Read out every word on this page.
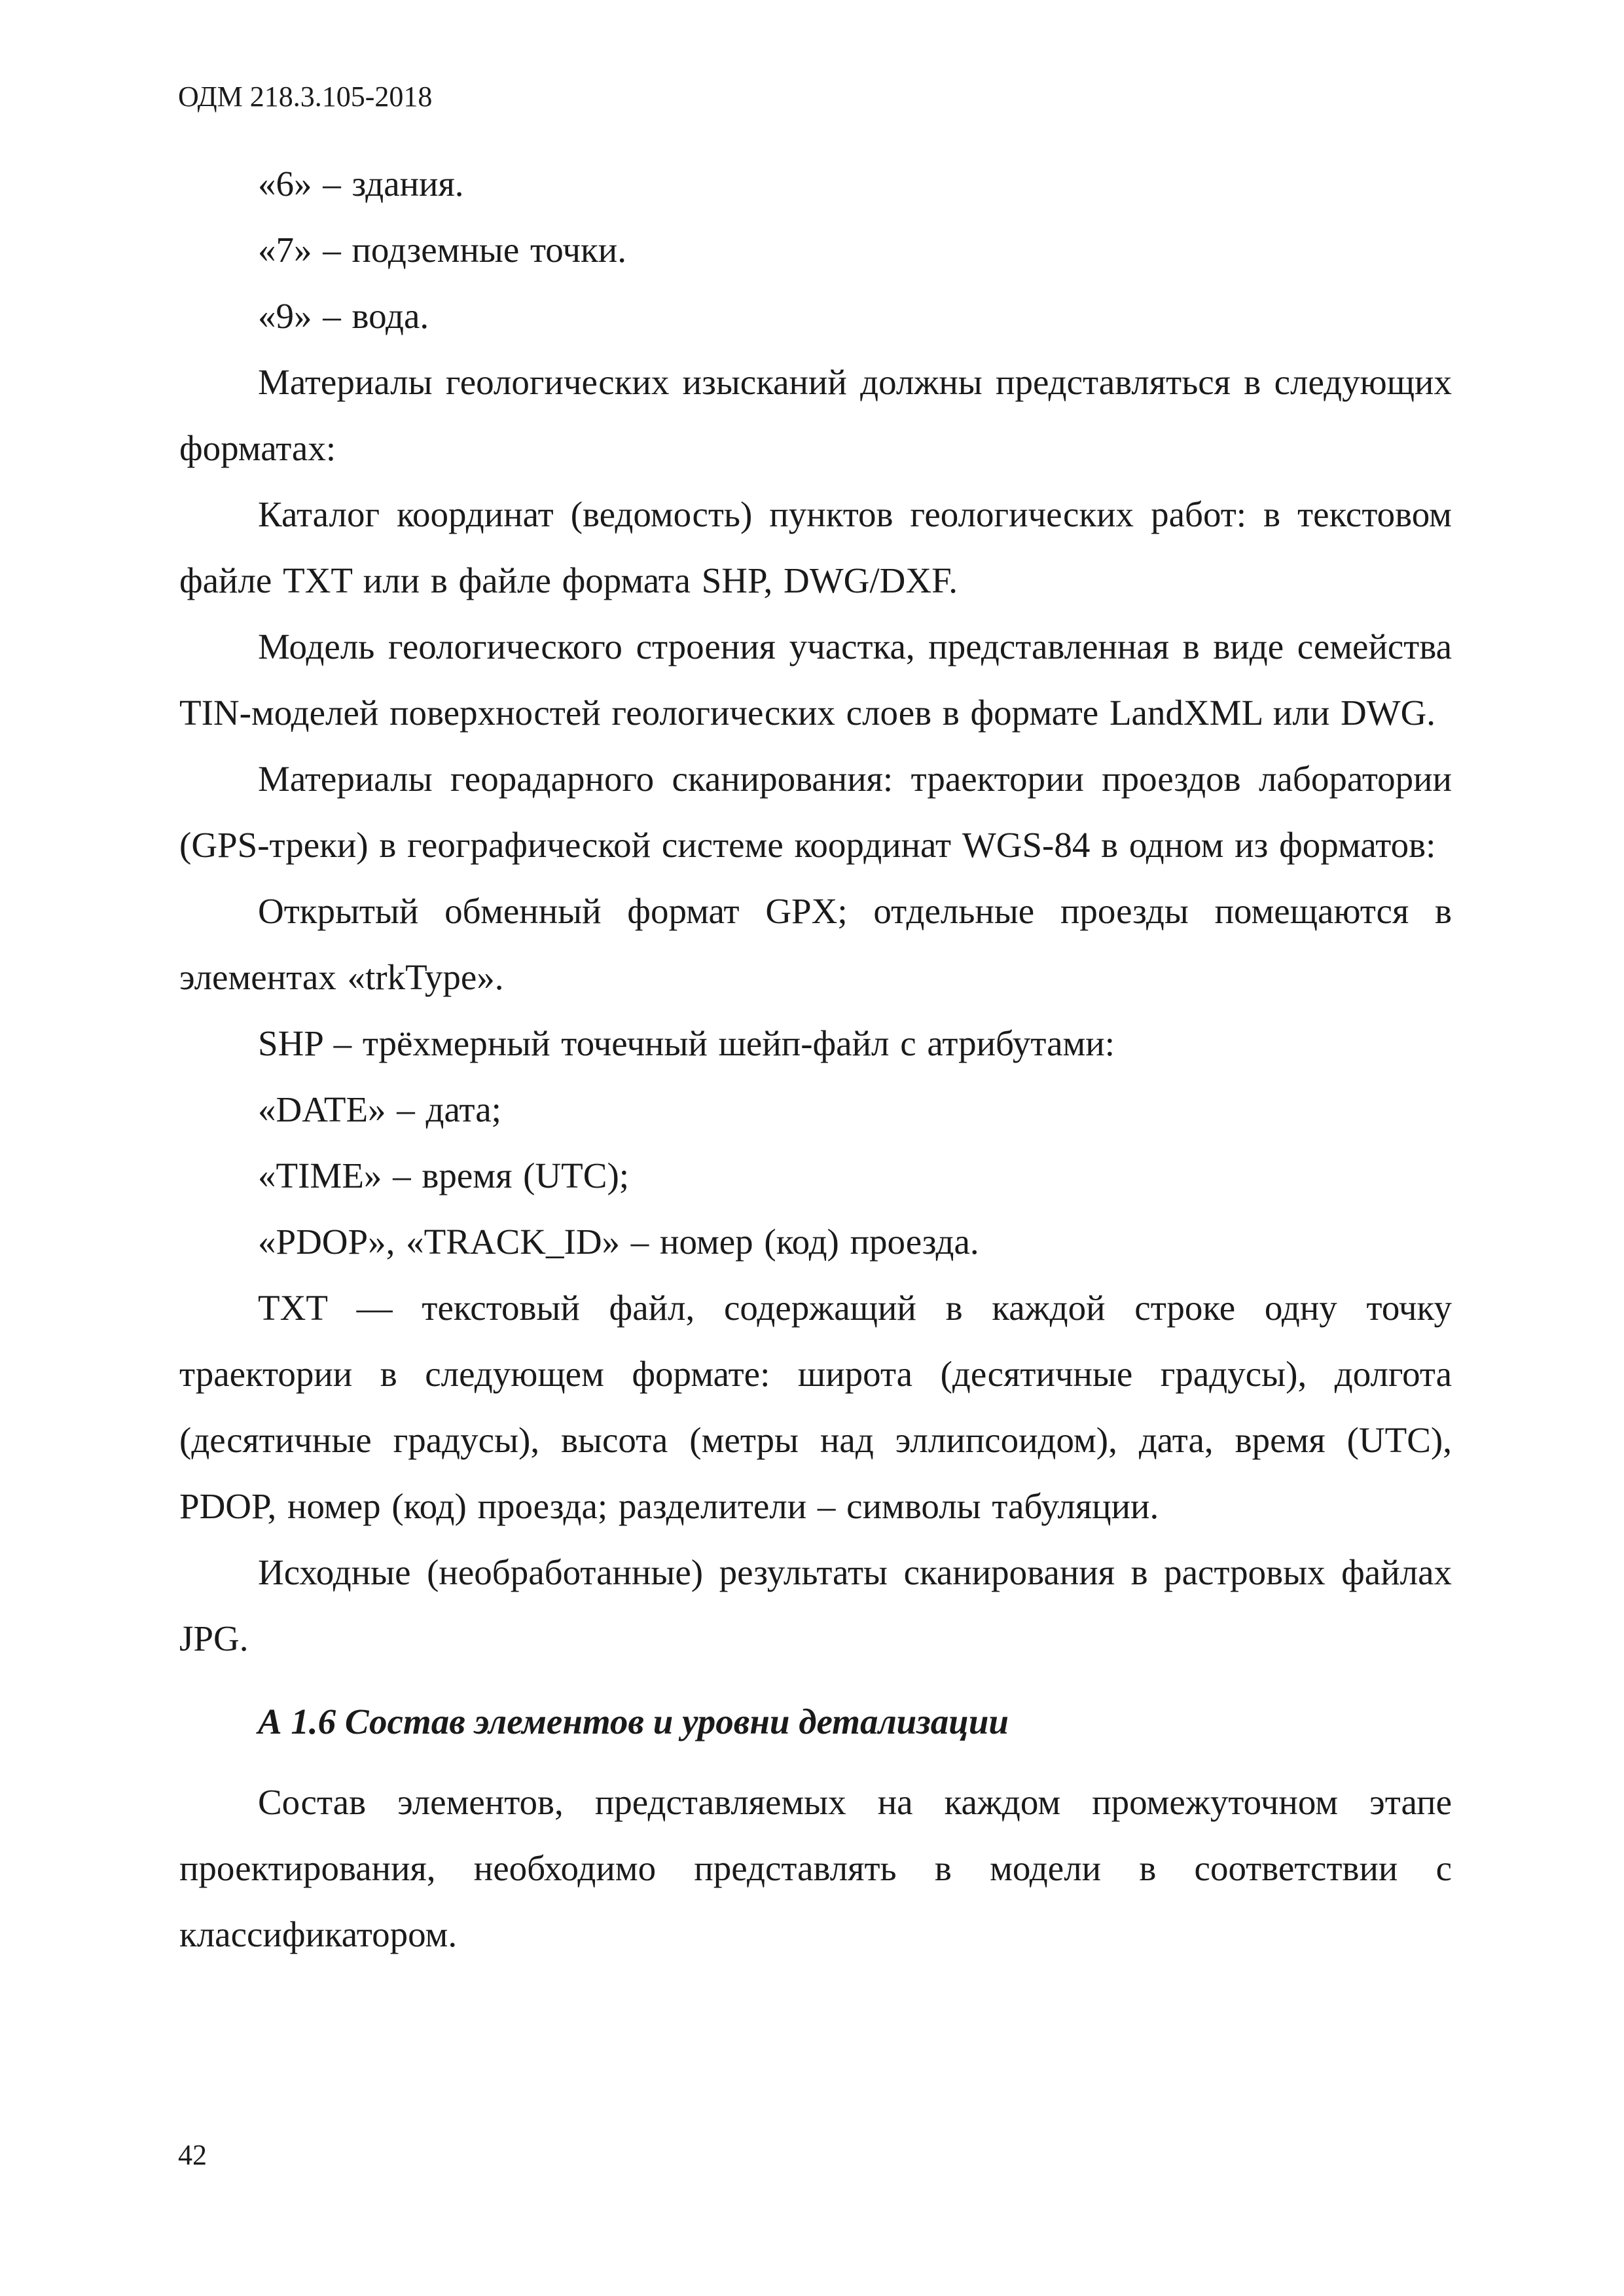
ОДМ 218.3.105-2018

«6» – здания.

«7» – подземные точки.

«9» – вода.

Материалы геологических изысканий должны представляться в следующих форматах:

Каталог координат (ведомость) пунктов геологических работ: в текстовом файле TXT или в файле формата SHP, DWG/DXF.

Модель геологического строения участка, представленная в виде семейства TIN-моделей поверхностей геологических слоев в формате LandXML или DWG.

Материалы георадарного сканирования: траектории проездов лаборатории (GPS-треки) в географической системе координат WGS-84 в одном из форматов:

Открытый обменный формат GPX; отдельные проезды помещаются в элементах «trkType».

SHP – трёхмерный точечный шейп-файл с атрибутами:

«DATE» – дата;

«TIME» – время (UTC);

«PDOP», «TRACK_ID» – номер (код) проезда.

TXT — текстовый файл, содержащий в каждой строке одну точку траектории в следующем формате: широта (десятичные градусы), долгота (десятичные градусы), высота (метры над эллипсоидом), дата, время (UTC), PDOP, номер (код) проезда; разделители – символы табуляции.

Исходные (необработанные) результаты сканирования в растровых файлах JPG.

А 1.6 Состав элементов и уровни детализации

Состав элементов, представляемых на каждом промежуточном этапе проектирования, необходимо представлять в модели в соответствии с классификатором.

42
